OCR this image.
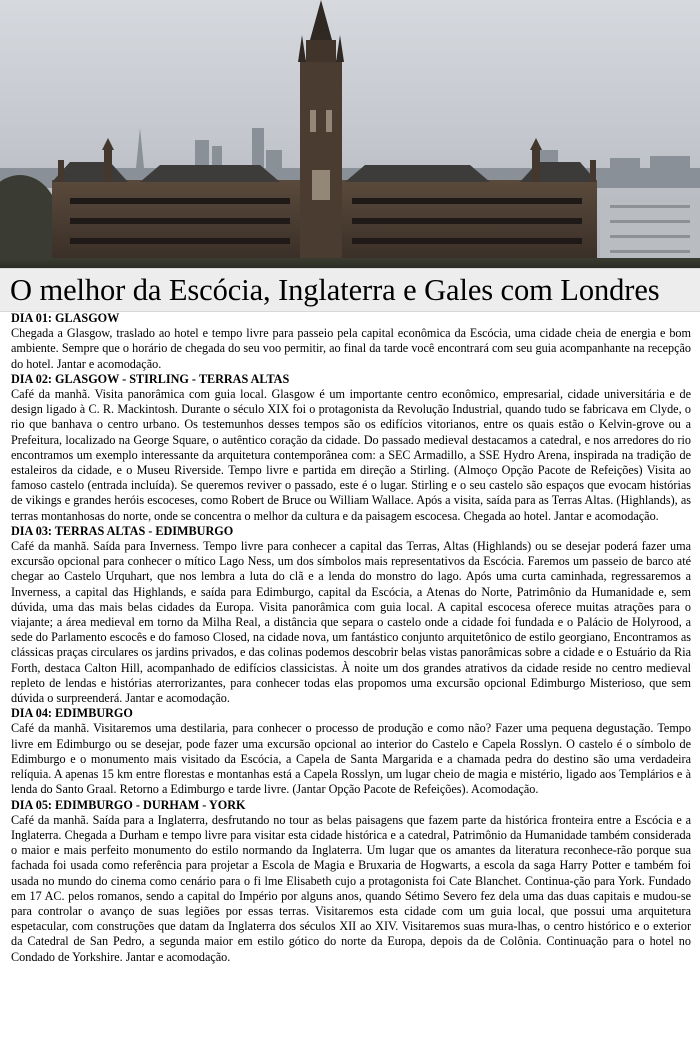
O melhor da Escócia, Inglaterra e Gales com Londres

DIA 01: GLASGOW

Chegada a Glasgow, traslado ao hotel e tempo livre para passeio pela capital econômica da Escócia, uma cidade cheia de energia e bom ambiente. Sempre que o horário de chegada do seu voo permitir, ao final da tarde você encontrará com seu guia acompanhante na recepção do hotel. Jantar e acomodação.

DIA 02: GLASGOW - STIRLING - TERRAS ALTAS

Café da manhã. Visita panorâmica com guia local. Glasgow é um importante centro econômico, empresarial, cidade universitária e de design ligado à C. R. Mackintosh. Durante o século XIX foi o protagonista da Revolução Industrial, quando tudo se fabricava em Clyde, o rio que banhava o centro urbano. Os testemunhos desses tempos são os edifícios vitorianos, entre os quais estão o Kelvin-grove ou a Prefeitura, localizado na George Square, o autêntico coração da cidade. Do passado medieval destacamos a catedral, e nos arredores do rio encontramos um exemplo interessante da arquitetura contemporânea com: a SEC Armadillo, a SSE Hydro Arena, inspirada na tradição de estaleiros da cidade, e o Museu Riverside. Tempo livre e partida em direção a Stirling. (Almoço Opção Pacote de Refeições) Visita ao famoso castelo (entrada incluída). Se queremos reviver o passado, este é o lugar. Stirling e o seu castelo são espaços que evocam histórias de vikings e grandes heróis escoceses, como Robert de Bruce ou William Wallace. Após a visita, saída para as Terras Altas. (Highlands), as terras montanhosas do norte, onde se concentra o melhor da cultura e da paisagem escocesa. Chegada ao hotel. Jantar e acomodação.

DIA 03: TERRAS ALTAS - EDIMBURGO

Café da manhã. Saída para Inverness. Tempo livre para conhecer a capital das Terras, Altas (Highlands) ou se desejar poderá fazer uma excursão opcional para conhecer o mítico Lago Ness, um dos símbolos mais representativos da Escócia. Faremos um passeio de barco até chegar ao Castelo Urquhart, que nos lembra a luta do clã e a lenda do monstro do lago. Após uma curta caminhada, regressaremos a Inverness, a capital das Highlands, e saída para Edimburgo, capital da Escócia, a Atenas do Norte, Patrimônio da Humanidade e, sem dúvida, uma das mais belas cidades da Europa. Visita panorâmica com guia local. A capital escocesa oferece muitas atrações para o viajante; a área medieval em torno da Milha Real, a distância que separa o castelo onde a cidade foi fundada e o Palácio de Holyrood, a sede do Parlamento escocês e do famoso Closed, na cidade nova, um fantástico conjunto arquitetônico de estilo georgiano, Encontramos as clássicas praças circulares os jardins privados, e das colinas podemos descobrir belas vistas panorâmicas sobre a cidade e o Estuário da Ria Forth, destaca Calton Hill, acompanhado de edifícios classicistas. À noite um dos grandes atrativos da cidade reside no centro medieval repleto de lendas e histórias aterrorizantes, para conhecer todas elas propomos uma excursão opcional Edimburgo Misterioso, que sem dúvida o surpreenderá. Jantar e acomodação.

DIA 04: EDIMBURGO

Café da manhã. Visitaremos uma destilaria, para conhecer o processo de produção e como não? Fazer uma pequena degustação. Tempo livre em Edimburgo ou se desejar, pode fazer uma excursão opcional ao interior do Castelo e Capela Rosslyn. O castelo é o símbolo de Edimburgo e o monumento mais visitado da Escócia, a Capela de Santa Margarida e a chamada pedra do destino são uma verdadeira relíquia. A apenas 15 km entre florestas e montanhas está a Capela Rosslyn, um lugar cheio de magia e mistério, ligado aos Templários e à lenda do Santo Graal. Retorno a Edimburgo e tarde livre. (Jantar Opção Pacote de Refeições). Acomodação.

DIA 05: EDIMBURGO - DURHAM - YORK

Café da manhã. Saída para a Inglaterra, desfrutando no tour as belas paisagens que fazem parte da histórica fronteira entre a Escócia e a Inglaterra. Chegada a Durham e tempo livre para visitar esta cidade histórica e a catedral, Patrimônio da Humanidade também considerada o maior e mais perfeito monumento do estilo normando da Inglaterra. Um lugar que os amantes da literatura reconhece-rão porque sua fachada foi usada como referência para projetar a Escola de Magia e Bruxaria de Hogwarts, a escola da saga Harry Potter e também foi usada no mundo do cinema como cenário para o fi lme Elisabeth cujo a protagonista foi Cate Blanchet. Continua-ção para York. Fundado em 17 AC. pelos romanos, sendo a capital do Império por alguns anos, quando Sétimo Severo fez dela uma das duas capitais e mudou-se para controlar o avanço de suas legiões por essas terras. Visitaremos esta cidade com um guia local, que possui uma arquitetura espetacular, com construções que datam da Inglaterra dos séculos XII ao XIV. Visitaremos suas mura-lhas, o centro histórico e o exterior da Catedral de San Pedro, a segunda maior em estilo gótico do norte da Europa, depois da de Colônia. Continuação para o hotel no Condado de Yorkshire. Jantar e acomodação.
